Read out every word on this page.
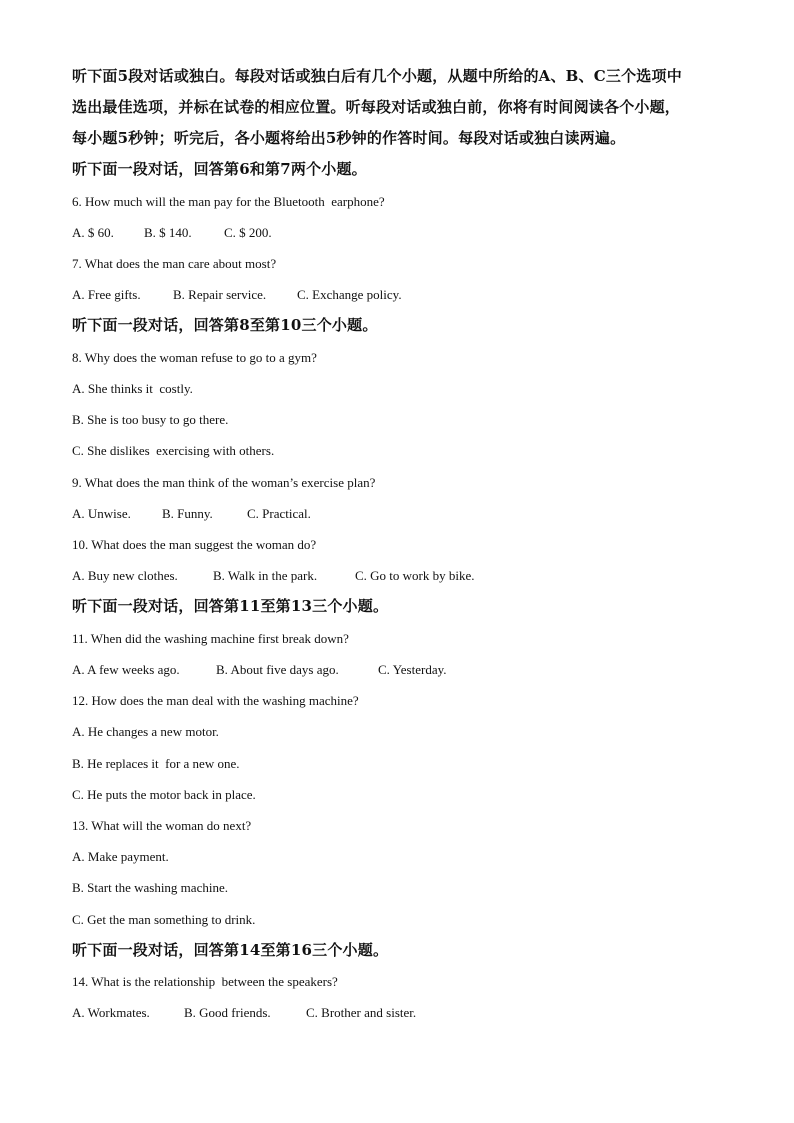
听下面5段对话或独白。每段对话或独白后有几个小题，从题中所给的A、B、C三个选项中
选出最佳选项，并标在试卷的相应位置。听每段对话或独白前，你将有时间阅读各个小题，
每小题5秒钟；听完后，各小题将给出5秒钟的作答时间。每段对话或独白读两遍。
听下面一段对话，回答第6和第7两个小题。
6. How much will the man pay for the Bluetooth  earphone?
A. $ 60. B. $ 140. C. $ 200.
7. What does the man care about most?
A. Free gifts. B. Repair service. C. Exchange policy.
听下面一段对话，回答第8至第10三个小题。
8. Why does the woman refuse to go to a gym?
A. She thinks it  costly.
B. She is too busy to go there.
C. She dislikes  exercising with others.
9. What does the man think of the woman’s exercise plan?
A. Unwise. B. Funny.	C. Practical.
10. What does the man suggest the woman do?
A. Buy new clothes.	B. Walk in the park.	C. Go to work by bike.
听下面一段对话，回答第11至第13三个小题。
11. When did the washing machine first break down?
A. A few weeks ago.	B. About five days ago.	C. Yesterday.
12. How does the man deal with the washing machine?
A. He changes a new motor.
B. He replaces it  for a new one.
C. He puts the motor back in place.
13. What will the woman do next?
A. Make payment.
B. Start the washing machine.
C. Get the man something to drink.
听下面一段对话，回答第14至第16三个小题。
14. What is the relationship  between the speakers?
A. Workmates.	B. Good friends.	C. Brother and sister.
